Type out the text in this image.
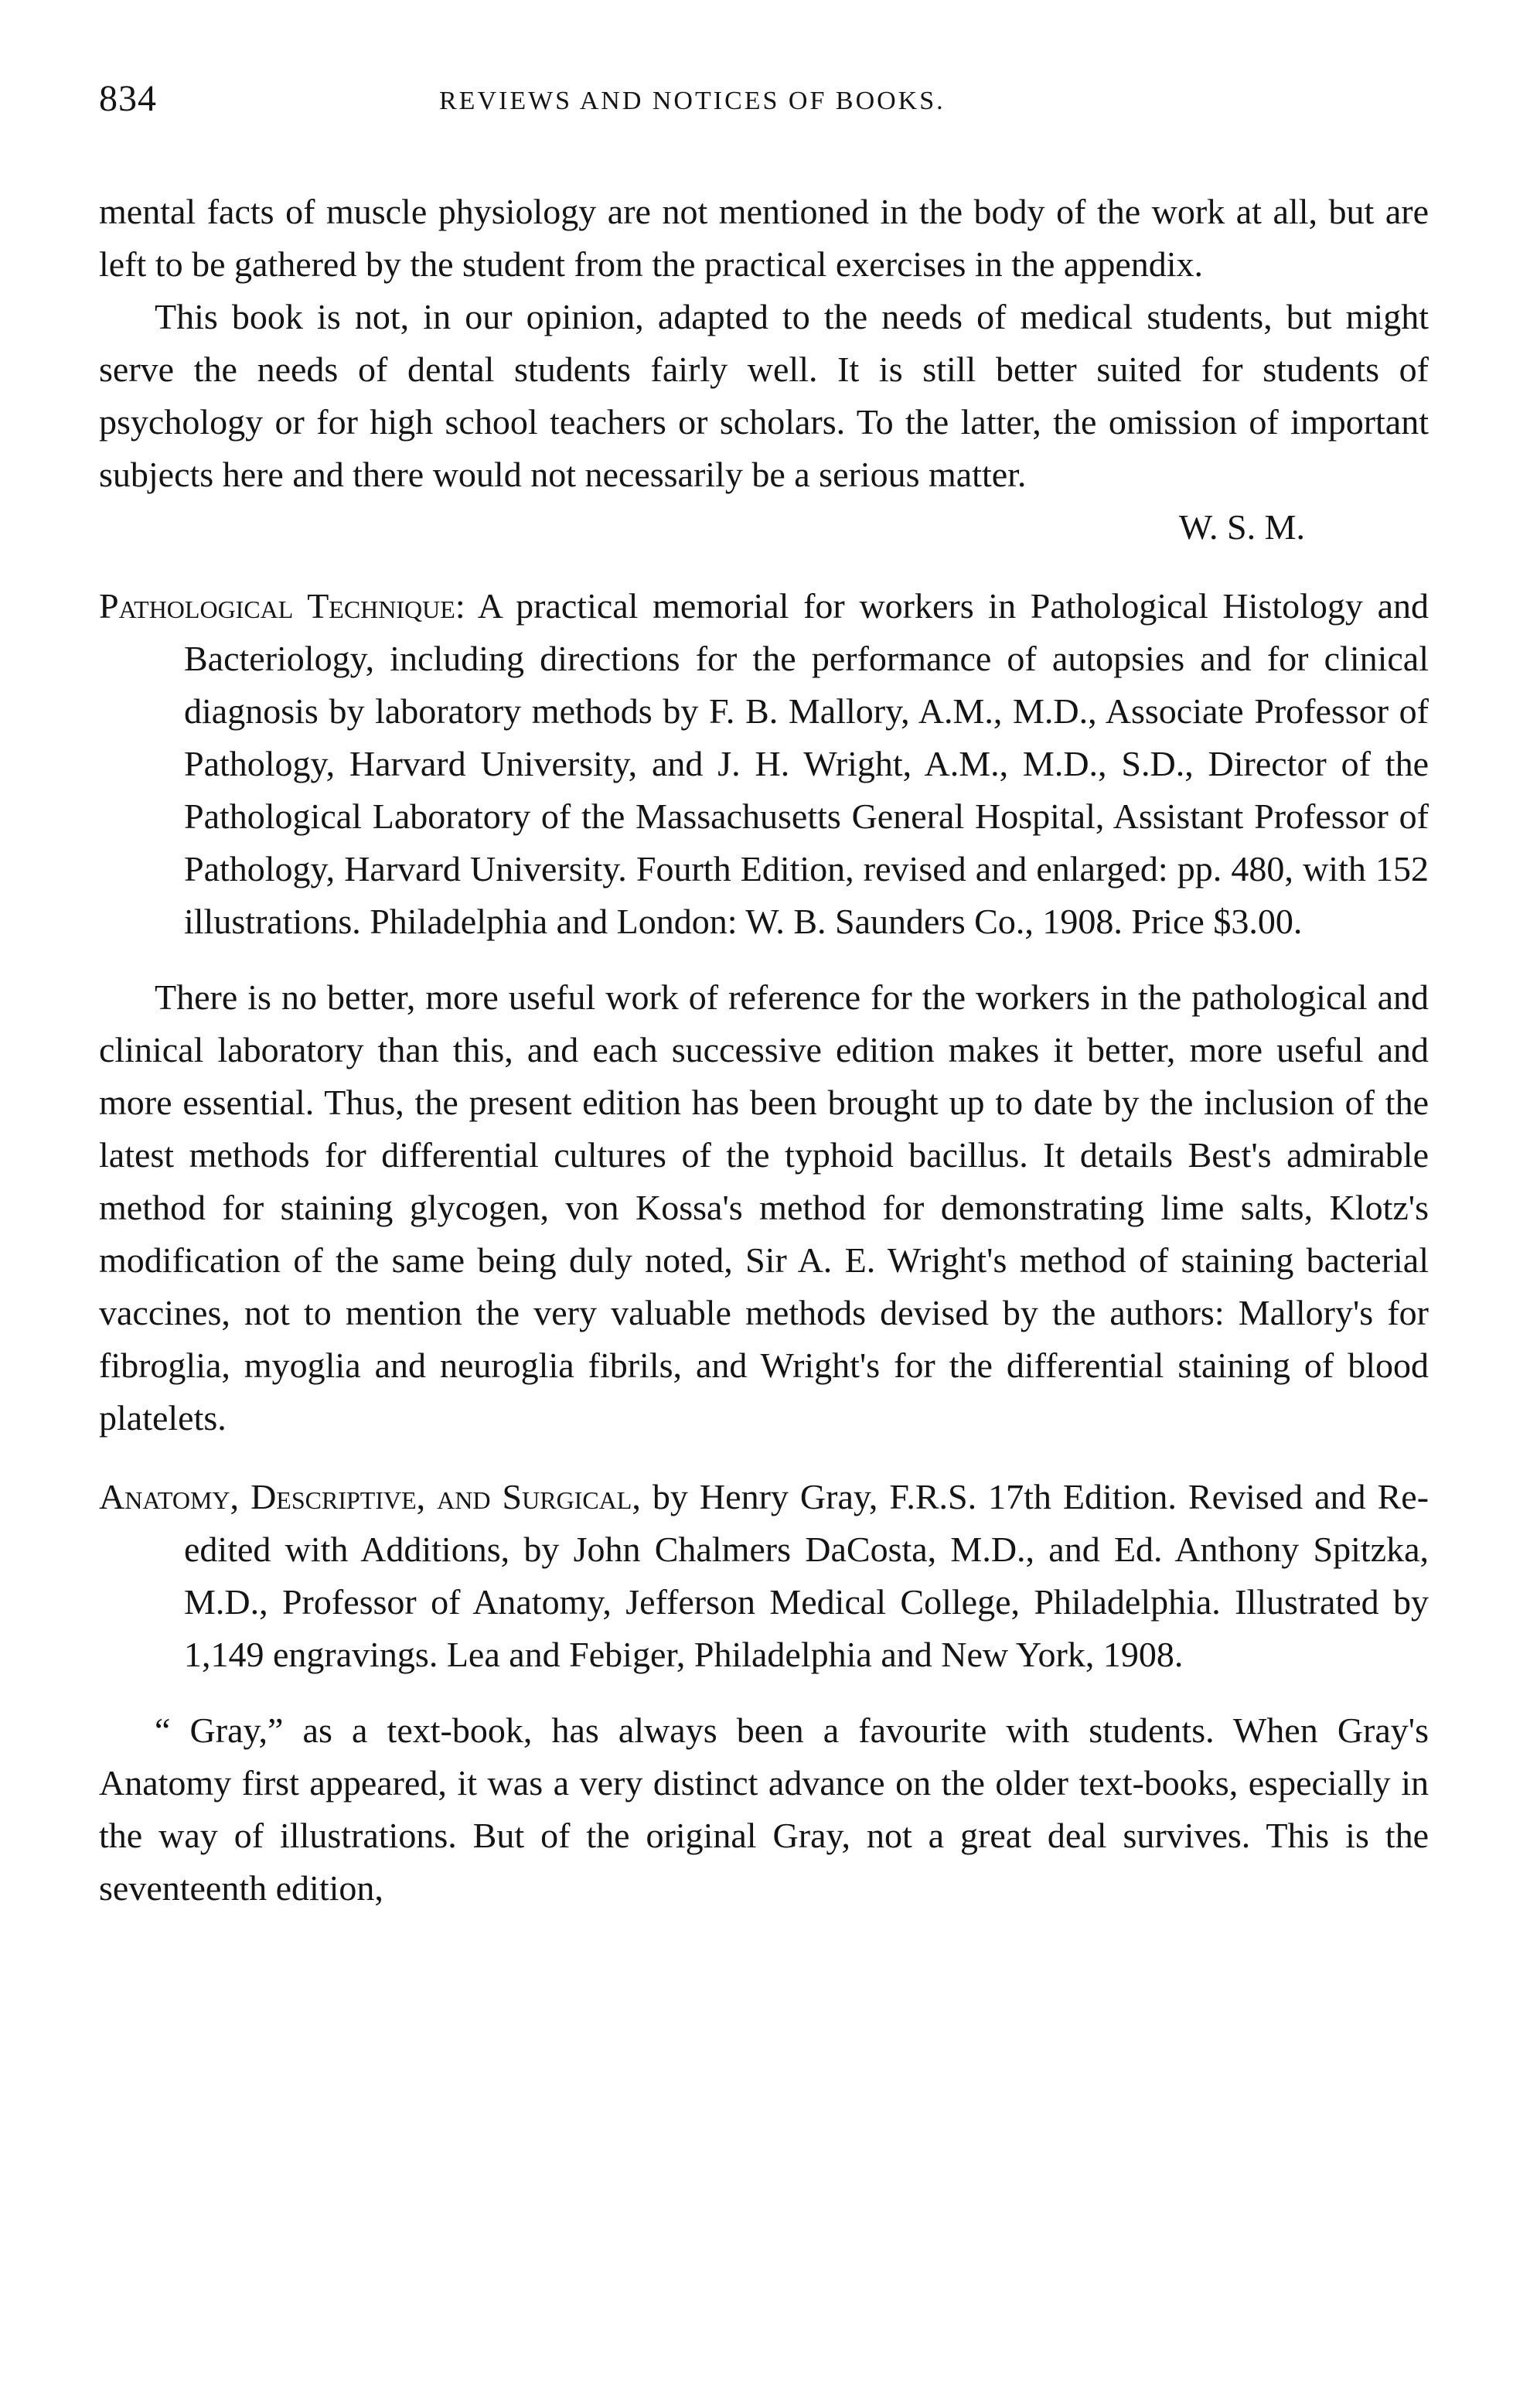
834	REVIEWS AND NOTICES OF BOOKS.

mental facts of muscle physiology are not mentioned in the body of the work at all, but are left to be gathered by the student from the practical exercises in the appendix.

This book is not, in our opinion, adapted to the needs of medical students, but might serve the needs of dental students fairly well. It is still better suited for students of psychology or for high school teachers or scholars. To the latter, the omission of important subjects here and there would not necessarily be a serious matter.
W. S. M.

Pathological Technique: A practical memorial for workers in Pathological Histology and Bacteriology, including directions for the performance of autopsies and for clinical diagnosis by laboratory methods by F. B. Mallory, A.M., M.D., Associate Professor of Pathology, Harvard University, and J. H. Wright, A.M., M.D., S.D., Director of the Pathological Laboratory of the Massachusetts General Hospital, Assistant Professor of Pathology, Harvard University. Fourth Edition, revised and enlarged: pp. 480, with 152 illustrations. Philadelphia and London: W. B. Saunders Co., 1908. Price $3.00.

There is no better, more useful work of reference for the workers in the pathological and clinical laboratory than this, and each successive edition makes it better, more useful and more essential. Thus, the present edition has been brought up to date by the inclusion of the latest methods for differential cultures of the typhoid bacillus. It details Best's admirable method for staining glycogen, von Kossa's method for demonstrating lime salts, Klotz's modification of the same being duly noted, Sir A. E. Wright's method of staining bacterial vaccines, not to mention the very valuable methods devised by the authors: Mallory's for fibroglia, myoglia and neuroglia fibrils, and Wright's for the differential staining of blood platelets.

Anatomy, Descriptive, and Surgical, by Henry Gray, F.R.S. 17th Edition. Revised and Re-edited with Additions, by John Chalmers DaCosta, M.D., and Ed. Anthony Spitzka, M.D., Professor of Anatomy, Jefferson Medical College, Philadelphia. Illustrated by 1,149 engravings. Lea and Febiger, Philadelphia and New York, 1908.

“ Gray,” as a text-book, has always been a favourite with students. When Gray's Anatomy first appeared, it was a very distinct advance on the older text-books, especially in the way of illustrations. But of the original Gray, not a great deal survives. This is the seventeenth edition,
